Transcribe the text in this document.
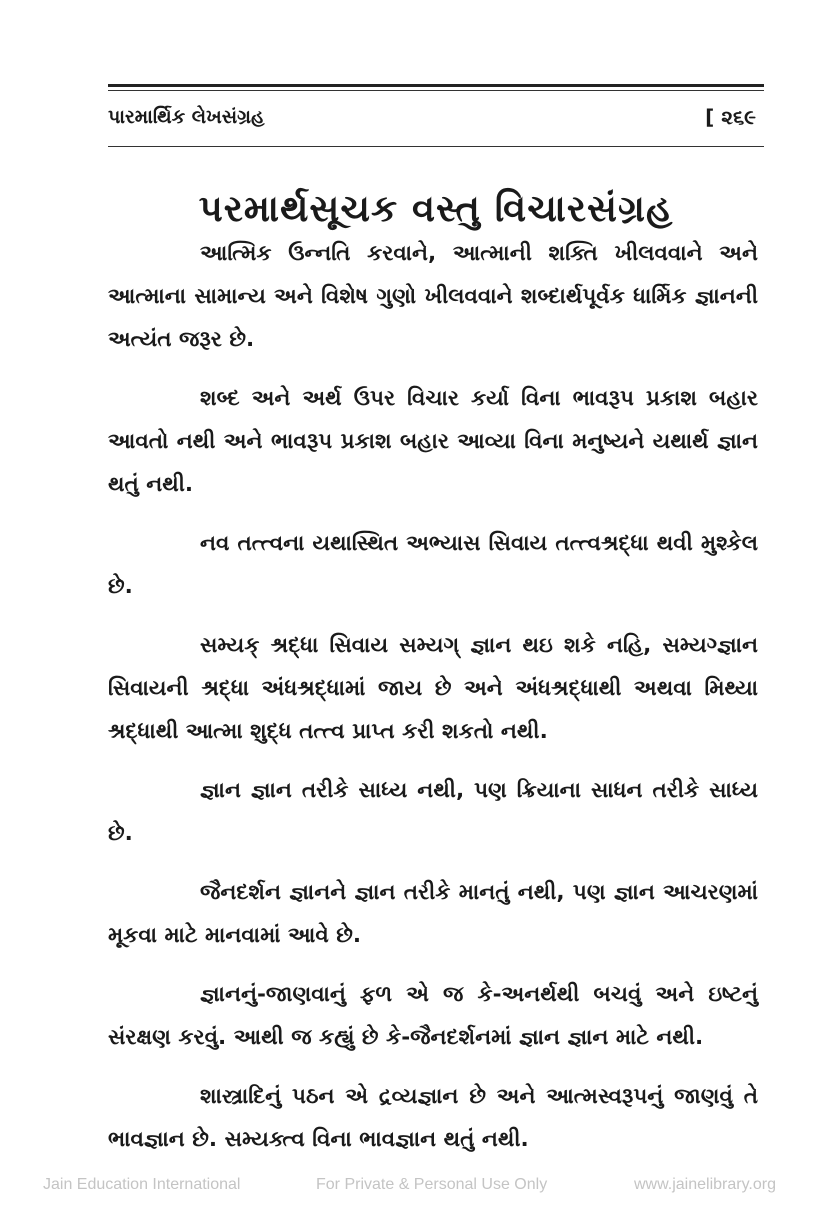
પારમાર્થિક લેખસંગ્રહ	[ ૨૬૯
પરમાર્થસૂચક વસ્તુ વિચારસંગ્રહ

આત્મિક ઉન્નતિ કરવાને, આત્માની શક્તિ ખીલવવાને અને આત્માના સામાન્ય અને વિશેષ ગુણો ખીલવવાને શબ્દાર્થપૂર્વક ધાર્મિક જ્ઞાનની અત્યંત જરૂર છે.

શબ્દ અને અર્થ ઉપર વિચાર કર્યા વિના ભાવરૂપ પ્રકાશ બહાર આવતો નથી અને ભાવરૂપ પ્રકાશ બહાર આવ્યા વિના મનુષ્યને યથાર્થ જ્ઞાન થતું નથી.

નવ તત્ત્વના યથાસ્થિત અભ્યાસ સિવાય તત્ત્વશ્રદ્ધા થવી મુશ્કેલ છે.

સમ્યક્ શ્રદ્ધા સિવાય સમ્યગ્ જ્ઞાન થઇ શકે નહિ, સમ્યગ્જ્ઞાન સિવાયની શ્રદ્ધા અંધશ્રદ્ધામાં જાય છે અને અંધશ્રદ્ધાથી અથવા મિથ્યા શ્રદ્ધાથી આત્મા શુદ્ધ તત્ત્વ પ્રાપ્ત કરી શકતો નથી.

જ્ઞાન જ્ઞાન તરીકે સાધ્ય નથી, પણ ક્રિયાના સાધન તરીકે સાધ્ય છે.

જૈનદર્શન જ્ઞાનને જ્ઞાન તરીકે માનતું નથી, પણ જ્ઞાન આચરણમાં મૂકવા માટે માનવામાં આવે છે.

જ્ઞાનનું-જાણવાનું ફળ એ જ કે-અનર્થથી બચવું અને ઇષ્ટનું સંરક્ષણ કરવું. આથી જ કહ્યું છે કે-જૈનદર્શનમાં જ્ઞાન જ્ઞાન માટે નથી.

શાસ્ત્રાદિનું પઠન એ દ્રવ્યજ્ઞાન છે અને આત્મસ્વરૂપનું જાણવું તે ભાવજ્ઞાન છે. સમ્યક્ત્વ વિના ભાવજ્ઞાન થતું નથી.

Jain Education International	For Private & Personal Use Only	www.jainelibrary.org
